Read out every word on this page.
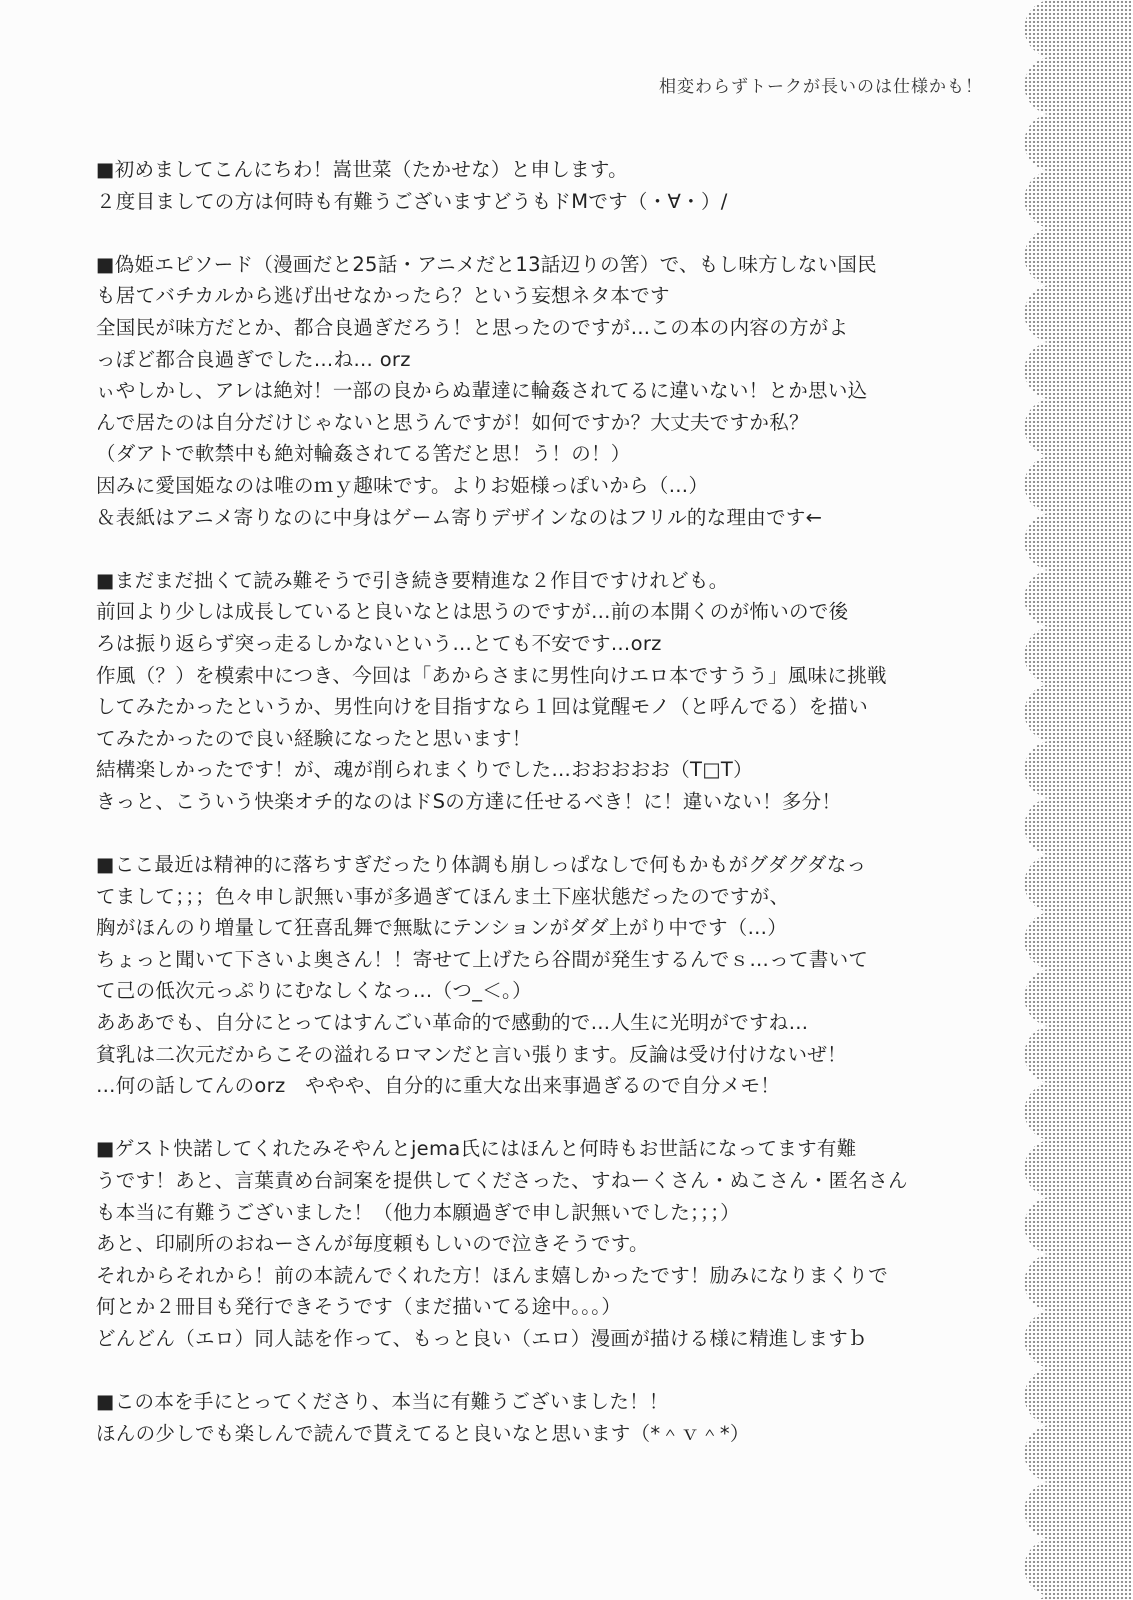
相変わらずトークが長いのは仕様かも！
■初めましてこんにちわ！嵩世菜（たかせな）と申します。
２度目ましての方は何時も有難うございますどうもドMです（・∀・）/
■偽姫エピソード（漫画だと25話・アニメだと13話辺りの筈）で、もし味方しない国民
も居てバチカルから逃げ出せなかったら？という妄想ネタ本です
全国民が味方だとか、都合良過ぎだろう！と思ったのですが…この本の内容の方がよ
っぽど都合良過ぎでした…ね… orz
ぃやしかし、アレは絶対！一部の良からぬ輩達に輪姦されてるに違いない！とか思い込
んで居たのは自分だけじゃないと思うんですが！如何ですか？大丈夫ですか私？
（ダアトで軟禁中も絶対輪姦されてる筈だと思！う！の！）
因みに愛国姫なのは唯のｍｙ趣味です。よりお姫様っぽいから（…）
＆表紙はアニメ寄りなのに中身はゲーム寄りデザインなのはフリル的な理由です←
■まだまだ拙くて読み難そうで引き続き要精進な２作目ですけれども。
前回より少しは成長していると良いなとは思うのですが…前の本開くのが怖いので後
ろは振り返らず突っ走るしかないという…とても不安です…orz
作風（？）を模索中につき、今回は「あからさまに男性向けエロ本ですうう」風味に挑戦
してみたかったというか、男性向けを目指すなら１回は覚醒モノ（と呼んでる）を描い
てみたかったので良い経験になったと思います！
結構楽しかったです！が、魂が削られまくりでした…おおおおお（T□T）
きっと、こういう快楽オチ的なのはドSの方達に任せるべき！に！違いない！多分！
■ここ最近は精神的に落ちすぎだったり体調も崩しっぱなしで何もかもがグダグダなっ
てまして；；；色々申し訳無い事が多過ぎてほんま土下座状態だったのですが、
胸がほんのり増量して狂喜乱舞で無駄にテンションがダダ上がり中です（…）
ちょっと聞いて下さいよ奥さん！！寄せて上げたら谷間が発生するんでｓ…って書いて
て己の低次元っぷりにむなしくなっ…（つ_＜。）
あああでも、自分にとってはすんごい革命的で感動的で…人生に光明がですね…
貧乳は二次元だからこその溢れるロマンだと言い張ります。反論は受け付けないぜ！
…何の話してんのorz　ややや、自分的に重大な出来事過ぎるので自分メモ！
■ゲスト快諾してくれたみそやんとjema氏にはほんと何時もお世話になってます有難
うです！あと、言葉責め台詞案を提供してくださった、すねーくさん・ぬこさん・匿名さん
も本当に有難うございました！（他力本願過ぎで申し訳無いでした；；；）
あと、印刷所のおねーさんが毎度頼もしいので泣きそうです。
それからそれから！前の本読んでくれた方！ほんま嬉しかったです！励みになりまくりで
何とか２冊目も発行できそうです（まだ描いてる途中。。。）
どんどん（エロ）同人誌を作って、もっと良い（エロ）漫画が描ける様に精進しますｂ
■この本を手にとってくださり、本当に有難うございました！！
ほんの少しでも楽しんで読んで貰えてると良いなと思います（*＾ｖ＾*）
